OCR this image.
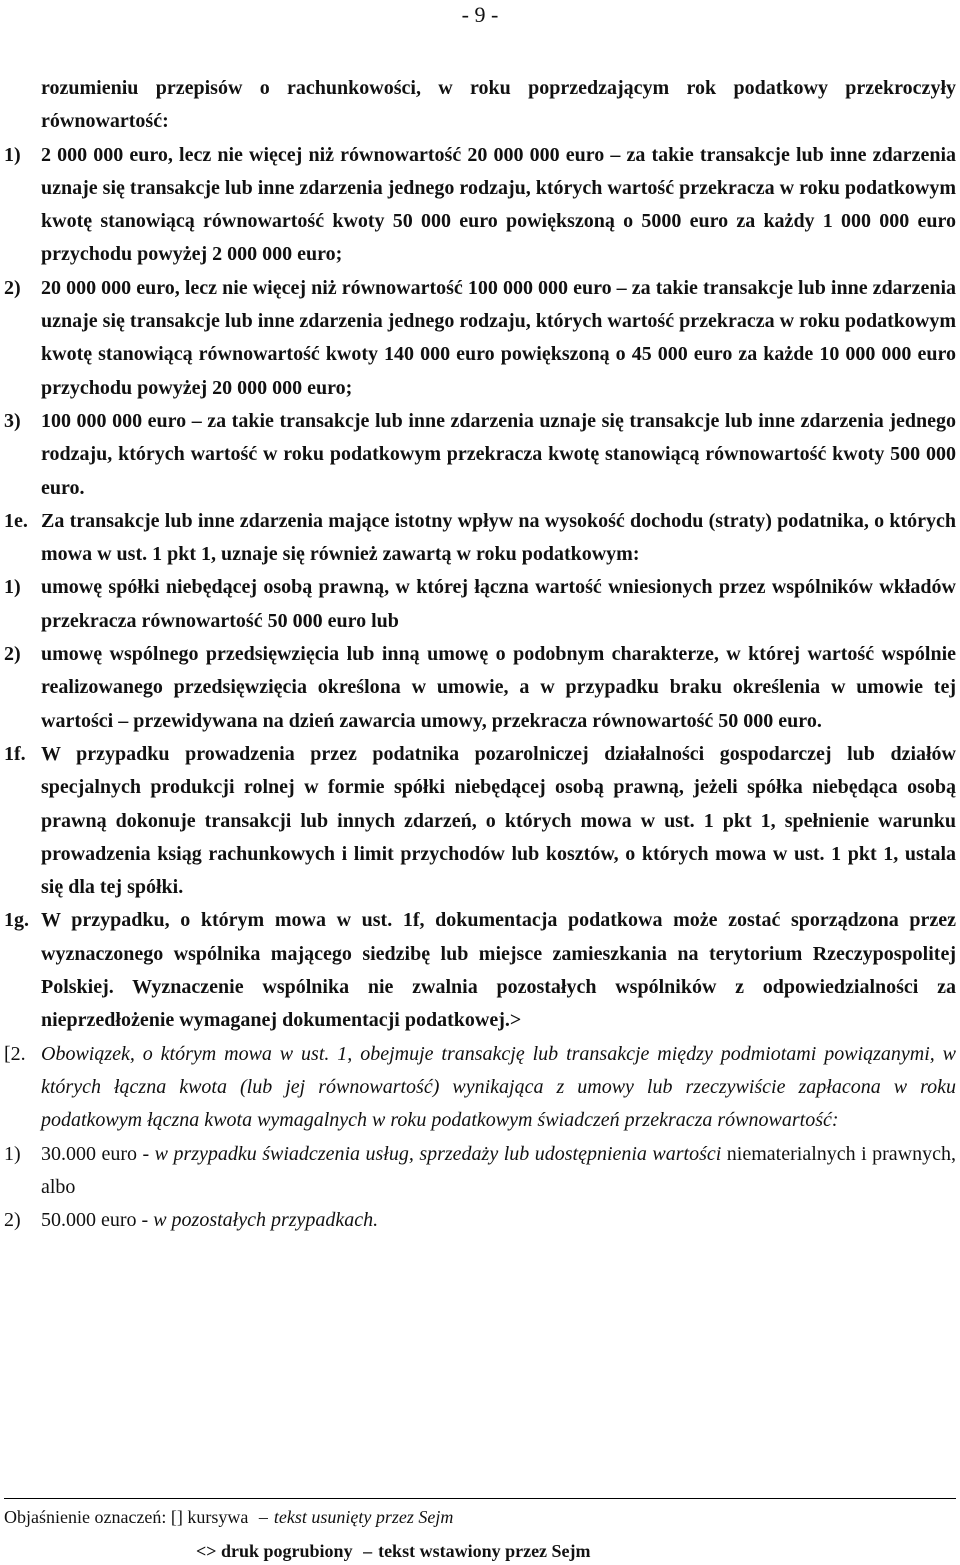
- 9 -

rozumieniu przepisów o rachunkowości, w roku poprzedzającym rok podatkowy przekroczyły równowartość:

1)	2 000 000 euro, lecz nie więcej niż równowartość 20 000 000 euro – za takie transakcje lub inne zdarzenia uznaje się transakcje lub inne zdarzenia jednego rodzaju, których wartość przekracza w roku podatkowym kwotę stanowiącą równowartość kwoty 50 000 euro powiększoną o 5000 euro za każdy 1 000 000 euro przychodu powyżej 2 000 000 euro;
2)	20 000 000 euro, lecz nie więcej niż równowartość 100 000 000 euro – za takie transakcje lub inne zdarzenia uznaje się transakcje lub inne zdarzenia jednego rodzaju, których wartość przekracza w roku podatkowym kwotę stanowiącą równowartość kwoty 140 000 euro powiększoną o 45 000 euro za każde 10 000 000 euro przychodu powyżej 20 000 000 euro;
3)	100 000 000 euro – za takie transakcje lub inne zdarzenia uznaje się transakcje lub inne zdarzenia jednego rodzaju, których wartość w roku podatkowym przekracza kwotę stanowiącą równowartość kwoty 500 000 euro.
1e. Za transakcje lub inne zdarzenia mające istotny wpływ na wysokość dochodu (straty) podatnika, o których mowa w ust. 1 pkt 1, uznaje się również zawartą w roku podatkowym:
1)	umowę spółki niebędącej osobą prawną, w której łączna wartość wniesionych przez wspólników wkładów przekracza równowartość 50 000 euro lub
2)	umowę wspólnego przedsięwzięcia lub inną umowę o podobnym charakterze, w której wartość wspólnie realizowanego przedsięwzięcia określona w umowie, a w przypadku braku określenia w umowie tej wartości – przewidywana na dzień zawarcia umowy, przekracza równowartość 50 000 euro.
1f. W przypadku prowadzenia przez podatnika pozarolniczej działalności gospodarczej lub działów specjalnych produkcji rolnej w formie spółki niebędącej osobą prawną, jeżeli spółka niebędąca osobą prawną dokonuje transakcji lub innych zdarzeń, o których mowa w ust. 1 pkt 1, spełnienie warunku prowadzenia ksiąg rachunkowych i limit przychodów lub kosztów, o których mowa w ust. 1 pkt 1, ustala się dla tej spółki.
1g. W przypadku, o którym mowa w ust. 1f, dokumentacja podatkowa może zostać sporządzona przez wyznaczonego wspólnika mającego siedzibę lub miejsce zamieszkania na terytorium Rzeczypospolitej Polskiej. Wyznaczenie wspólnika nie zwalnia pozostałych wspólników z odpowiedzialności za nieprzedłożenie wymaganej dokumentacji podatkowej.>
[2. Obowiązek, o którym mowa w ust. 1, obejmuje transakcję lub transakcje między podmiotami powiązanymi, w których łączna kwota (lub jej równowartość) wynikająca z umowy lub rzeczywiście zapłacona w roku podatkowym łączna kwota wymagalnych w roku podatkowym świadczeń przekracza równowartość:
1)	30.000 euro - w przypadku świadczenia usług, sprzedaży lub udostępnienia wartości niematerialnych i prawnych, albo
2)	50.000 euro - w pozostałych przypadkach.
Objaśnienie oznaczeń: [] kursywa – tekst usunięty przez Sejm
<> druk pogrubiony – tekst wstawiony przez Sejm
